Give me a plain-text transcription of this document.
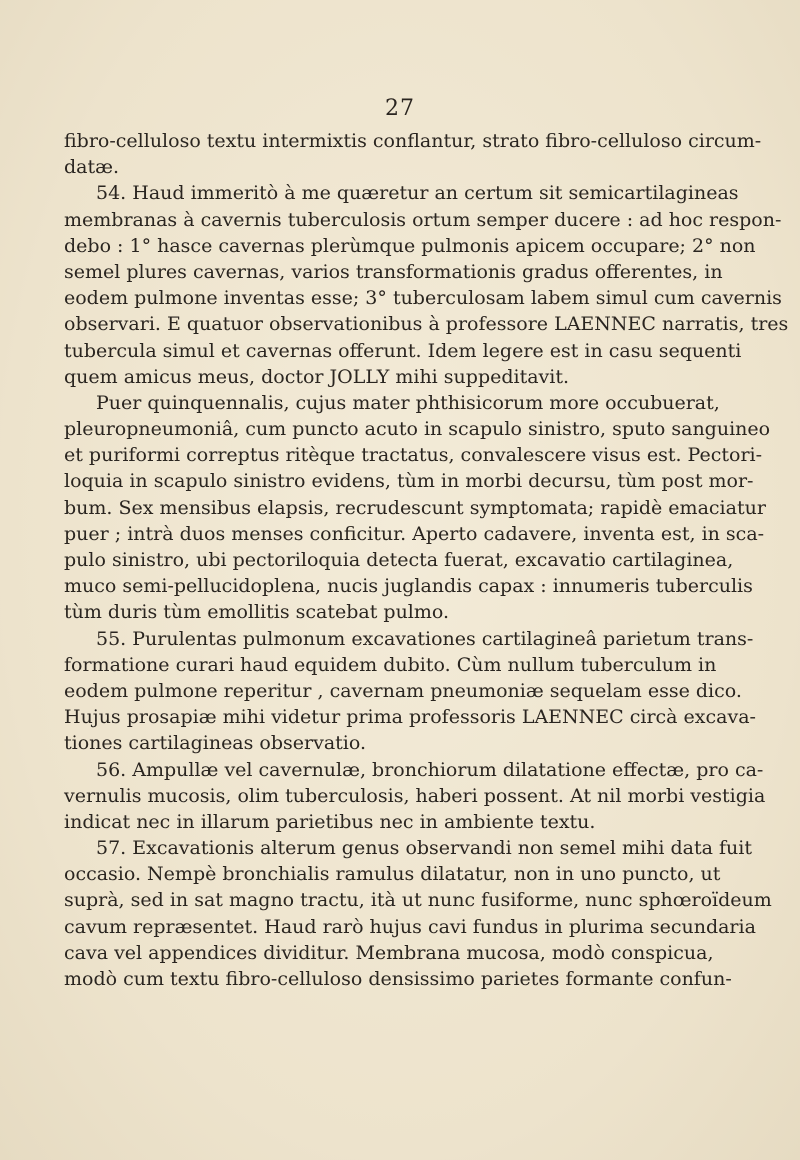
27
fibro-celluloso textu intermixtis conflantur, strato fibro-celluloso circum-
datæ.
54. Haud immeritò à me quæretur an certum sit semicartilagineas
membranas à cavernis tuberculosis ortum semper ducere : ad hoc respon-
debo : 1° hasce cavernas plerùmque pulmonis apicem occupare; 2° non
semel plures cavernas, varios transformationis gradus offerentes, in
eodem pulmone inventas esse; 3° tuberculosam labem simul cum cavernis
observari. E quatuor observationibus à professore LAENNEC narratis, tres
tubercula simul et cavernas offerunt. Idem legere est in casu sequenti
quem amicus meus, doctor JOLLY mihi suppeditavit.
Puer quinquennalis, cujus mater phthisicorum more occubuerat,
pleuropneumoniâ, cum puncto acuto in scapulo sinistro, sputo sanguineo
et puriformi correptus ritèque tractatus, convalescere visus est. Pectori-
loquia in scapulo sinistro evidens, tùm in morbi decursu, tùm post mor-
bum. Sex mensibus elapsis, recrudescunt symptomata; rapidè emaciatur
puer ; intrà duos menses conficitur. Aperto cadavere, inventa est, in sca-
pulo sinistro, ubi pectoriloquia detecta fuerat, excavatio cartilaginea,
muco semi-pellucidoplena, nucis juglandis capax : innumeris tuberculis
tùm duris tùm emollitis scatebat pulmo.
55. Purulentas pulmonum excavationes cartilagineâ parietum trans-
formatione curari haud equidem dubito. Cùm nullum tuberculum in
eodem pulmone reperitur , cavernam pneumoniæ sequelam esse dico.
Hujus prosapiæ mihi videtur prima professoris LAENNEC circà excava-
tiones cartilagineas observatio.
56. Ampullæ vel cavernulæ, bronchiorum dilatatione effectæ, pro ca-
vernulis mucosis, olim tuberculosis, haberi possent. At nil morbi vestigia
indicat nec in illarum parietibus nec in ambiente textu.
57. Excavationis alterum genus observandi non semel mihi data fuit
occasio. Nempè bronchialis ramulus dilatatur, non in uno puncto, ut
suprà, sed in sat magno tractu, ità ut nunc fusiforme, nunc sphœroïdeum
cavum repræsentet. Haud rarò hujus cavi fundus in plurima secundaria
cava vel appendices dividitur. Membrana mucosa, modò conspicua,
modò cum textu fibro-celluloso densissimo parietes formante confun-
